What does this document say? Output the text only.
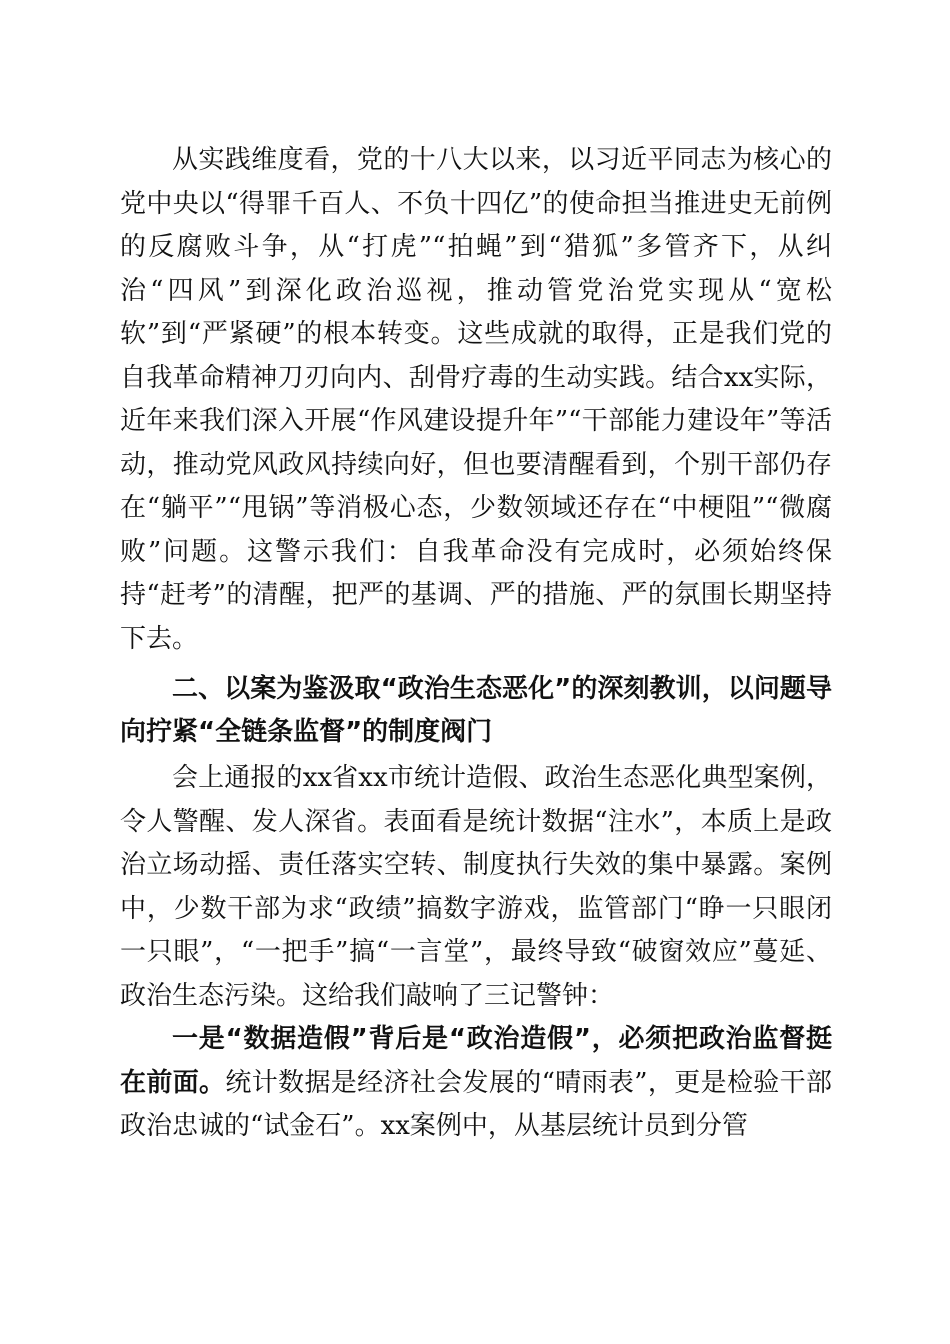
从实践维度看，党的十八大以来，以习近平同志为核心的党中央以“得罪千百人、不负十四亿”的使命担当推进史无前例的反腐败斗争，从“打虎”“拍蝇”到“猎狐”多管齐下，从纠治“四风”到深化政治巡视，推动管党治党实现从“宽松软”到“严紧硬”的根本转变。这些成就的取得，正是我们党的自我革命精神刀刃向内、刮骨疗毒的生动实践。结合xx实际，近年来我们深入开展“作风建设提升年”“干部能力建设年”等活动，推动党风政风持续向好，但也要清醒看到，个别干部仍存在“躺平”“甩锅”等消极心态，少数领域还存在“中梗阻”“微腐败”问题。这警示我们：自我革命没有完成时，必须始终保持“赶考”的清醒，把严的基调、严的措施、严的氛围长期坚持下去。

二、以案为鉴汲取“政治生态恶化”的深刻教训，以问题导向拧紧“全链条监督”的制度阀门

会上通报的xx省xx市统计造假、政治生态恶化典型案例，令人警醒、发人深省。表面看是统计数据“注水”，本质上是政治立场动摇、责任落实空转、制度执行失效的集中暴露。案例中，少数干部为求“政绩”搞数字游戏，监管部门“睁一只眼闭一只眼”，“一把手”搞“一言堂”，最终导致“破窗效应”蔓延、政治生态污染。这给我们敲响了三记警钟：

一是“数据造假”背后是“政治造假”，必须把政治监督挺在前面。统计数据是经济社会发展的“晴雨表”，更是检验干部政治忠诚的“试金石”。xx案例中，从基层统计员到分管
